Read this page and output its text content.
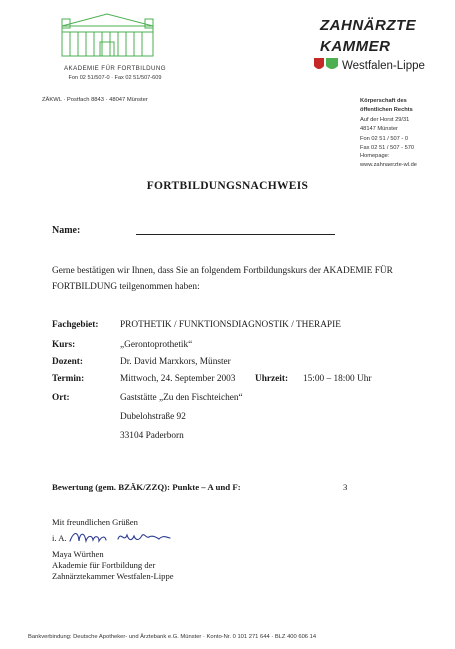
AKADEMIE FÜR FORTBILDUNG
Fon 02 51/507-0 · Fax 02 51/507-609
ZAHNÄRZTE
KAMMER
Westfalen-Lippe
ZÄKWL · Postfach 8843 · 48047 Münster	Körperschaft des
öffentlichen Rechts
Auf der Horst 29/31
48147 Münster
Fon 02 51 / 507 - 0
Fax 02 51 / 507 - 570
Homepage:
www.zahnaerzte-wl.de
FORTBILDUNGSNACHWEIS
Name:
Gerne bestätigen wir Ihnen, dass Sie an folgendem Fortbildungskurs der AKADEMIE FÜR FORTBILDUNG teilgenommen haben:
Fachgebiet: PROTHETIK / FUNKTIONSDIAGNOSTIK / THERAPIE
Kurs:	„Gerontoprothetik“
Dozent:	Dr. David Marxkors, Münster
Termin:	Mittwoch, 24. September 2003 Uhrzeit: 15:00 – 18:00 Uhr
Ort:	Gaststätte „Zu den Fischteichen“
Dubelohstraße 92
33104 Paderborn
Bewertung (gem. BZÄK/ZZQ): Punkte – A und F:	3
Mit freundlichen Grüßen
i. A.
Maya Würthen
Akademie für Fortbildung der
Zahnärztekammer Westfalen-Lippe
Bankverbindung: Deutsche Apotheker- und Ärztebank e.G. Münster · Konto-Nr. 0 101 271 644 · BLZ 400 606 14
